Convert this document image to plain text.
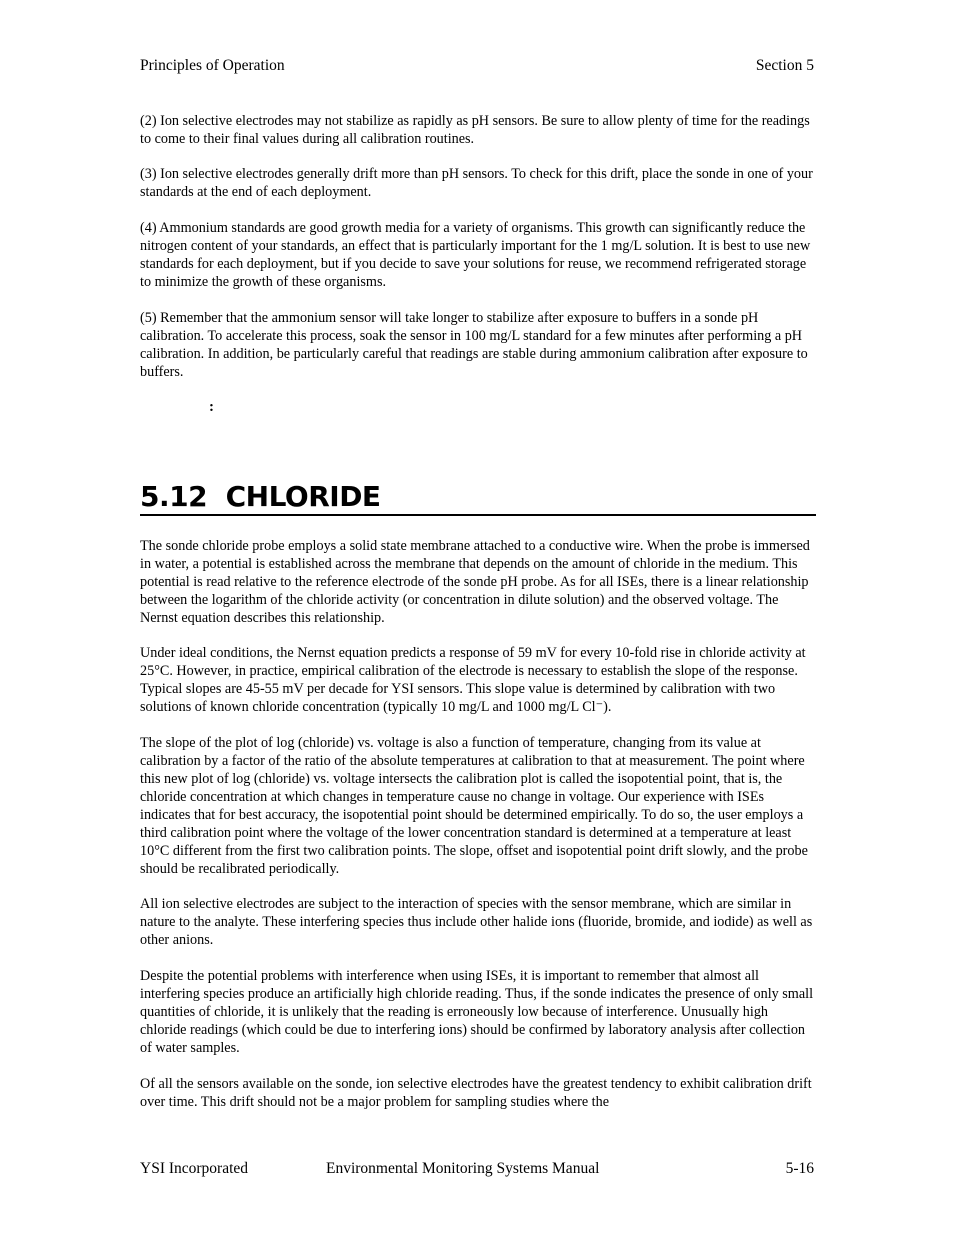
Principles of Operation	Section 5

(2) Ion selective electrodes may not stabilize as rapidly as pH sensors. Be sure to allow plenty of time for the readings to come to their final values during all calibration routines.

(3) Ion selective electrodes generally drift more than pH sensors. To check for this drift, place the sonde in one of your standards at the end of each deployment.

(4) Ammonium standards are good growth media for a variety of organisms. This growth can significantly reduce the nitrogen content of your standards, an effect that is particularly important for the 1 mg/L solution. It is best to use new standards for each deployment, but if you decide to save your solutions for reuse, we recommend refrigerated storage to minimize the growth of these organisms.

(5) Remember that the ammonium sensor will take longer to stabilize after exposure to buffers in a sonde pH calibration. To accelerate this process, soak the sensor in 100 mg/L standard for a few minutes after performing a pH calibration. In addition, be particularly careful that readings are stable during ammonium calibration after exposure to buffers.

:
5.12  CHLORIDE

The sonde chloride probe employs a solid state membrane attached to a conductive wire. When the probe is immersed in water, a potential is established across the membrane that depends on the amount of chloride in the medium. This potential is read relative to the reference electrode of the sonde pH probe. As for all ISEs, there is a linear relationship between the logarithm of the chloride activity (or concentration in dilute solution) and the observed voltage. The Nernst equation describes this relationship.

Under ideal conditions, the Nernst equation predicts a response of 59 mV for every 10-fold rise in chloride activity at 25°C. However, in practice, empirical calibration of the electrode is necessary to establish the slope of the response. Typical slopes are 45-55 mV per decade for YSI sensors. This slope value is determined by calibration with two solutions of known chloride concentration (typically 10 mg/L and 1000 mg/L Cl⁻).

The slope of the plot of log (chloride) vs. voltage is also a function of temperature, changing from its value at calibration by a factor of the ratio of the absolute temperatures at calibration to that at measurement. The point where this new plot of log (chloride) vs. voltage intersects the calibration plot is called the isopotential point, that is, the chloride concentration at which changes in temperature cause no change in voltage. Our experience with ISEs indicates that for best accuracy, the isopotential point should be determined empirically. To do so, the user employs a third calibration point where the voltage of the lower concentration standard is determined at a temperature at least 10°C different from the first two calibration points. The slope, offset and isopotential point drift slowly, and the probe should be recalibrated periodically.

All ion selective electrodes are subject to the interaction of species with the sensor membrane, which are similar in nature to the analyte. These interfering species thus include other halide ions (fluoride, bromide, and iodide) as well as other anions.

Despite the potential problems with interference when using ISEs, it is important to remember that almost all interfering species produce an artificially high chloride reading. Thus, if the sonde indicates the presence of only small quantities of chloride, it is unlikely that the reading is erroneously low because of interference. Unusually high chloride readings (which could be due to interfering ions) should be confirmed by laboratory analysis after collection of water samples.

Of all the sensors available on the sonde, ion selective electrodes have the greatest tendency to exhibit calibration drift over time. This drift should not be a major problem for sampling studies where the

YSI Incorporated	Environmental Monitoring Systems Manual	5-16
